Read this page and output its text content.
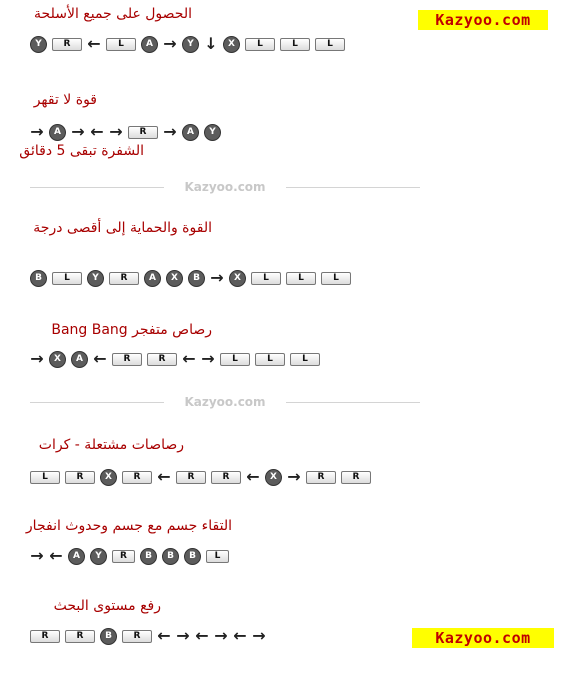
Kazyoo.com
الحصول على جميع الأسلحة
Y	R	←	L	A →	Y ↓	X	L	L	L
قوة لا تقهر
→	A → ← →	R	→	A	Y
الشفرة تبقى 5 دقائق
Kazyoo.com
القوة والحماية إلى أقصى درجة
B	L	Y	R	A	X	B →	X	L	L	L
رصاص متفجر Bang Bang
→	X	A ←	R	R	← →	L	L	L
Kazyoo.com
رصاصات مشتعلة - كرات
L	R	X	R	←	R	R	←	X →	R	R
التقاء جسم مع جسم وحدوث انفجار
→ ←	A	Y	R	B	B	B	L
رفع مستوى البحث
R	R	B	R	← → ← → ← →	Kazyoo.com
